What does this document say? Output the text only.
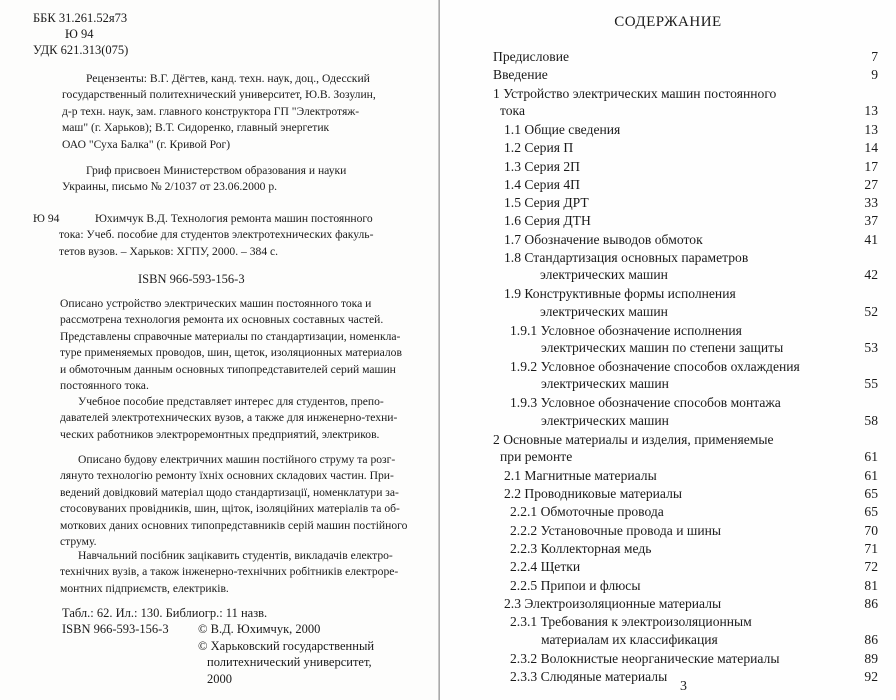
ББК 31.261.52я73
Ю 94
УДК 621.313(075)

Рецензенты: В.Г. Дёгтев, канд. техн. наук, доц., Одесский
государственный политехнический университет, Ю.В. Зозулин,
д-р техн. наук, зам. главного конструктора ГП "Электротяж-
маш" (г. Харьков); В.Т. Сидоренко, главный энергетик
ОАО "Суха Балка" (г. Кривой Рог)

Гриф присвоен Министерством образования и науки
Украины, письмо № 2/1037 от 23.06.2000 р.

Ю 94	Юхимчук В.Д. Технология ремонта машин постоянного
тока: Учеб. пособие для студентов электротехнических факуль-
тетов вузов. – Харьков: ХГПУ, 2000. – 384 с.
ISBN 966-593-156-3

Описано устройство электрических машин постоянного тока и
рассмотрена технология ремонта их основных составных частей.
Представлены справочные материалы по стандартизации, номенкла-
туре применяемых проводов, шин, щеток, изоляционных материалов
и обмоточным данным основных типопредставителей серий машин
постоянного тока.

Учебное пособие представляет интерес для студентов, препо-
давателей электротехнических вузов, а также для инженерно-техни-
ческих работников электроремонтных предприятий, электриков.

Описано будову електричних машин постійного струму та розг-
лянуто технологію ремонту їхніх основних складових частин. При-
ведений довідковий матеріал щодо стандартизації, номенклатури за-
стосовуваних провідників, шин, щіток, ізоляційних матеріалів та об-
моткових даних основних типопредставників серій машин постійного
струму.

Навчальний посібник зацікавить студентів, викладачів електро-
технічних вузів, а також інженерно-технічних робітників електроре-
монтних підприємств, електриків.

Табл.: 62. Ил.: 130. Библиогр.: 11 назв.
ISBN 966-593-156-3 © В.Д. Юхимчук, 2000
© Харьковский государственный
политехнический университет,
2000
СОДЕРЖАНИЕ
Предисловие	7
Введение	9
1 Устройство электрических машин постоянного
тока	13
1.1 Общие сведения	13
1.2 Серия П	14
1.3 Серия 2П	17
1.4 Серия 4П	27
1.5 Серия ДРТ	33
1.6 Серия ДТН	37
1.7 Обозначение выводов обмоток	41
1.8 Стандартизация основных параметров
электрических машин	42
1.9 Конструктивные формы исполнения
электрических машин	52
1.9.1 Условное обозначение исполнения
электрических машин по степени защиты	53
1.9.2 Условное обозначение способов охлаждения
электрических машин	55
1.9.3 Условное обозначение способов монтажа
электрических машин	58
2 Основные материалы и изделия, применяемые
при ремонте	61
2.1 Магнитные материалы	61
2.2 Проводниковые материалы	65
2.2.1 Обмоточные провода	65
2.2.2 Установочные провода и шины	70
2.2.3 Коллекторная медь	71
2.2.4 Щетки	72
2.2.5 Припои и флюсы	81
2.3 Электроизоляционные материалы	86
2.3.1 Требования к электроизоляционным
материалам их классификация	86
2.3.2 Волокнистые неорганические материалы	89
2.3.3 Слюдяные материалы	92
3
